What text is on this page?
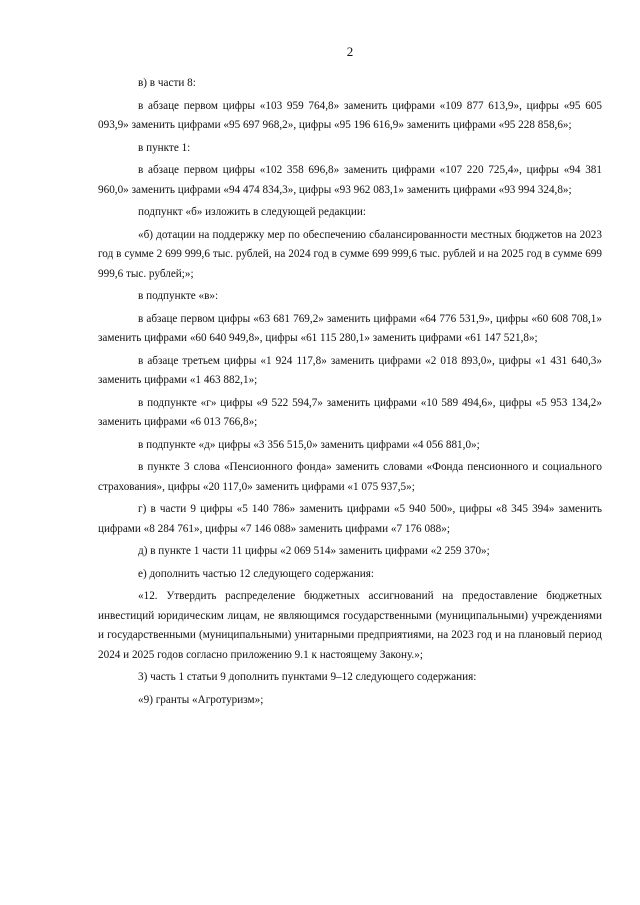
2

в) в части 8:

в абзаце первом цифры «103 959 764,8» заменить цифрами «109 877 613,9», цифры «95 605 093,9» заменить цифрами «95 697 968,2», цифры «95 196 616,9» заменить цифрами «95 228 858,6»;

в пункте 1:

в абзаце первом цифры «102 358 696,8» заменить цифрами «107 220 725,4», цифры «94 381 960,0» заменить цифрами «94 474 834,3», цифры «93 962 083,1» заменить цифрами «93 994 324,8»;

подпункт «б» изложить в следующей редакции:

«б) дотации на поддержку мер по обеспечению сбалансированности местных бюджетов на 2023 год в сумме 2 699 999,6 тыс. рублей, на 2024 год в сумме 699 999,6 тыс. рублей и на 2025 год в сумме 699 999,6 тыс. рублей;»;

в подпункте «в»:

в абзаце первом цифры «63 681 769,2» заменить цифрами «64 776 531,9», цифры «60 608 708,1» заменить цифрами «60 640 949,8», цифры «61 115 280,1» заменить цифрами «61 147 521,8»;

в абзаце третьем цифры «1 924 117,8» заменить цифрами «2 018 893,0», цифры «1 431 640,3» заменить цифрами «1 463 882,1»;

в подпункте «г» цифры «9 522 594,7» заменить цифрами «10 589 494,6», цифры «5 953 134,2» заменить цифрами «6 013 766,8»;

в подпункте «д» цифры «3 356 515,0» заменить цифрами «4 056 881,0»;

в пункте 3 слова «Пенсионного фонда» заменить словами «Фонда пенсионного и социального страхования», цифры «20 117,0» заменить цифрами «1 075 937,5»;

г) в части 9 цифры «5 140 786» заменить цифрами «5 940 500», цифры «8 345 394» заменить цифрами «8 284 761», цифры «7 146 088» заменить цифрами «7 176 088»;

д) в пункте 1 части 11 цифры «2 069 514» заменить цифрами «2 259 370»;

е) дополнить частью 12 следующего содержания:

«12. Утвердить распределение бюджетных ассигнований на предоставление бюджетных инвестиций юридическим лицам, не являющимся государственными (муниципальными) учреждениями и государственными (муниципальными) унитарными предприятиями, на 2023 год и на плановый период 2024 и 2025 годов согласно приложению 9.1 к настоящему Закону.»;

3) часть 1 статьи 9 дополнить пунктами 9–12 следующего содержания:

«9) гранты «Агротуризм»;
